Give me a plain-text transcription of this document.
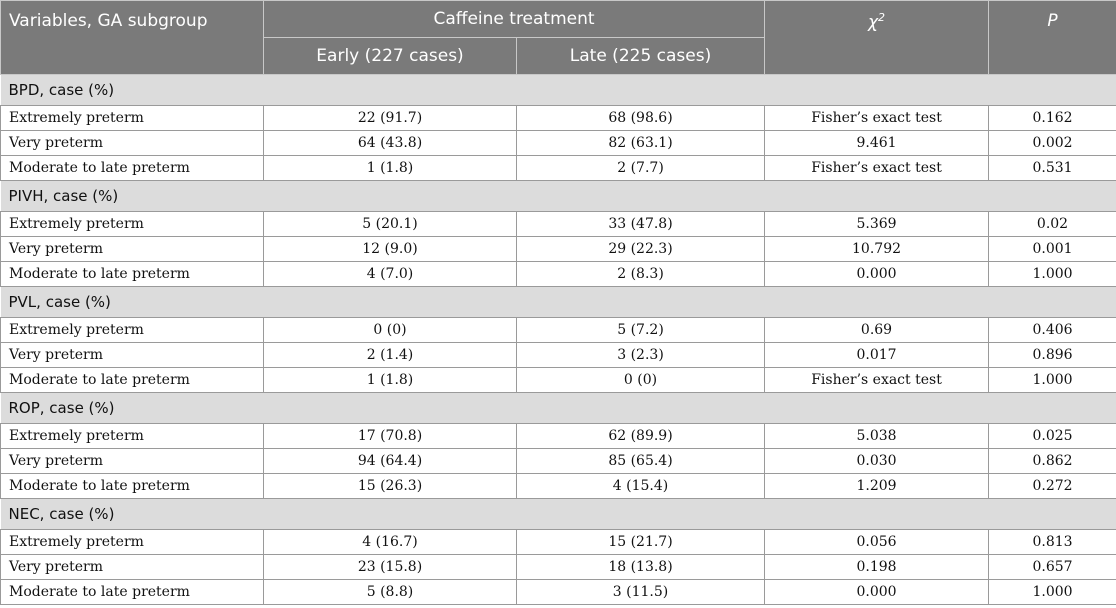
Variables, GA subgroup	Caffeine treatment		$\chi^2$	P
	Early (227 cases)	Late (225 cases)		
BPD, case (%)				
Extremely preterm	22 (91.7)	68 (98.6)	Fisher’s exact test	0.162
Very preterm	64 (43.8)	82 (63.1)	9.461	0.002
Moderate to late preterm	1 (1.8)	2 (7.7)	Fisher’s exact test	0.531
PIVH, case (%)				
Extremely preterm	5 (20.1)	33 (47.8)	5.369	0.02
Very preterm	12 (9.0)	29 (22.3)	10.792	0.001
Moderate to late preterm	4 (7.0)	2 (8.3)	0.000	1.000
PVL, case (%)				
Extremely preterm	0 (0)	5 (7.2)	0.69	0.406
Very preterm	2 (1.4)	3 (2.3)	0.017	0.896
Moderate to late preterm	1 (1.8)	0 (0)	Fisher’s exact test	1.000
ROP, case (%)				
Extremely preterm	17 (70.8)	62 (89.9)	5.038	0.025
Very preterm	94 (64.4)	85 (65.4)	0.030	0.862
Moderate to late preterm	15 (26.3)	4 (15.4)	1.209	0.272
NEC, case (%)				
Extremely preterm	4 (16.7)	15 (21.7)	0.056	0.813
Very preterm	23 (15.8)	18 (13.8)	0.198	0.657
Moderate to late preterm	5 (8.8)	3 (11.5)	0.000	1.000
